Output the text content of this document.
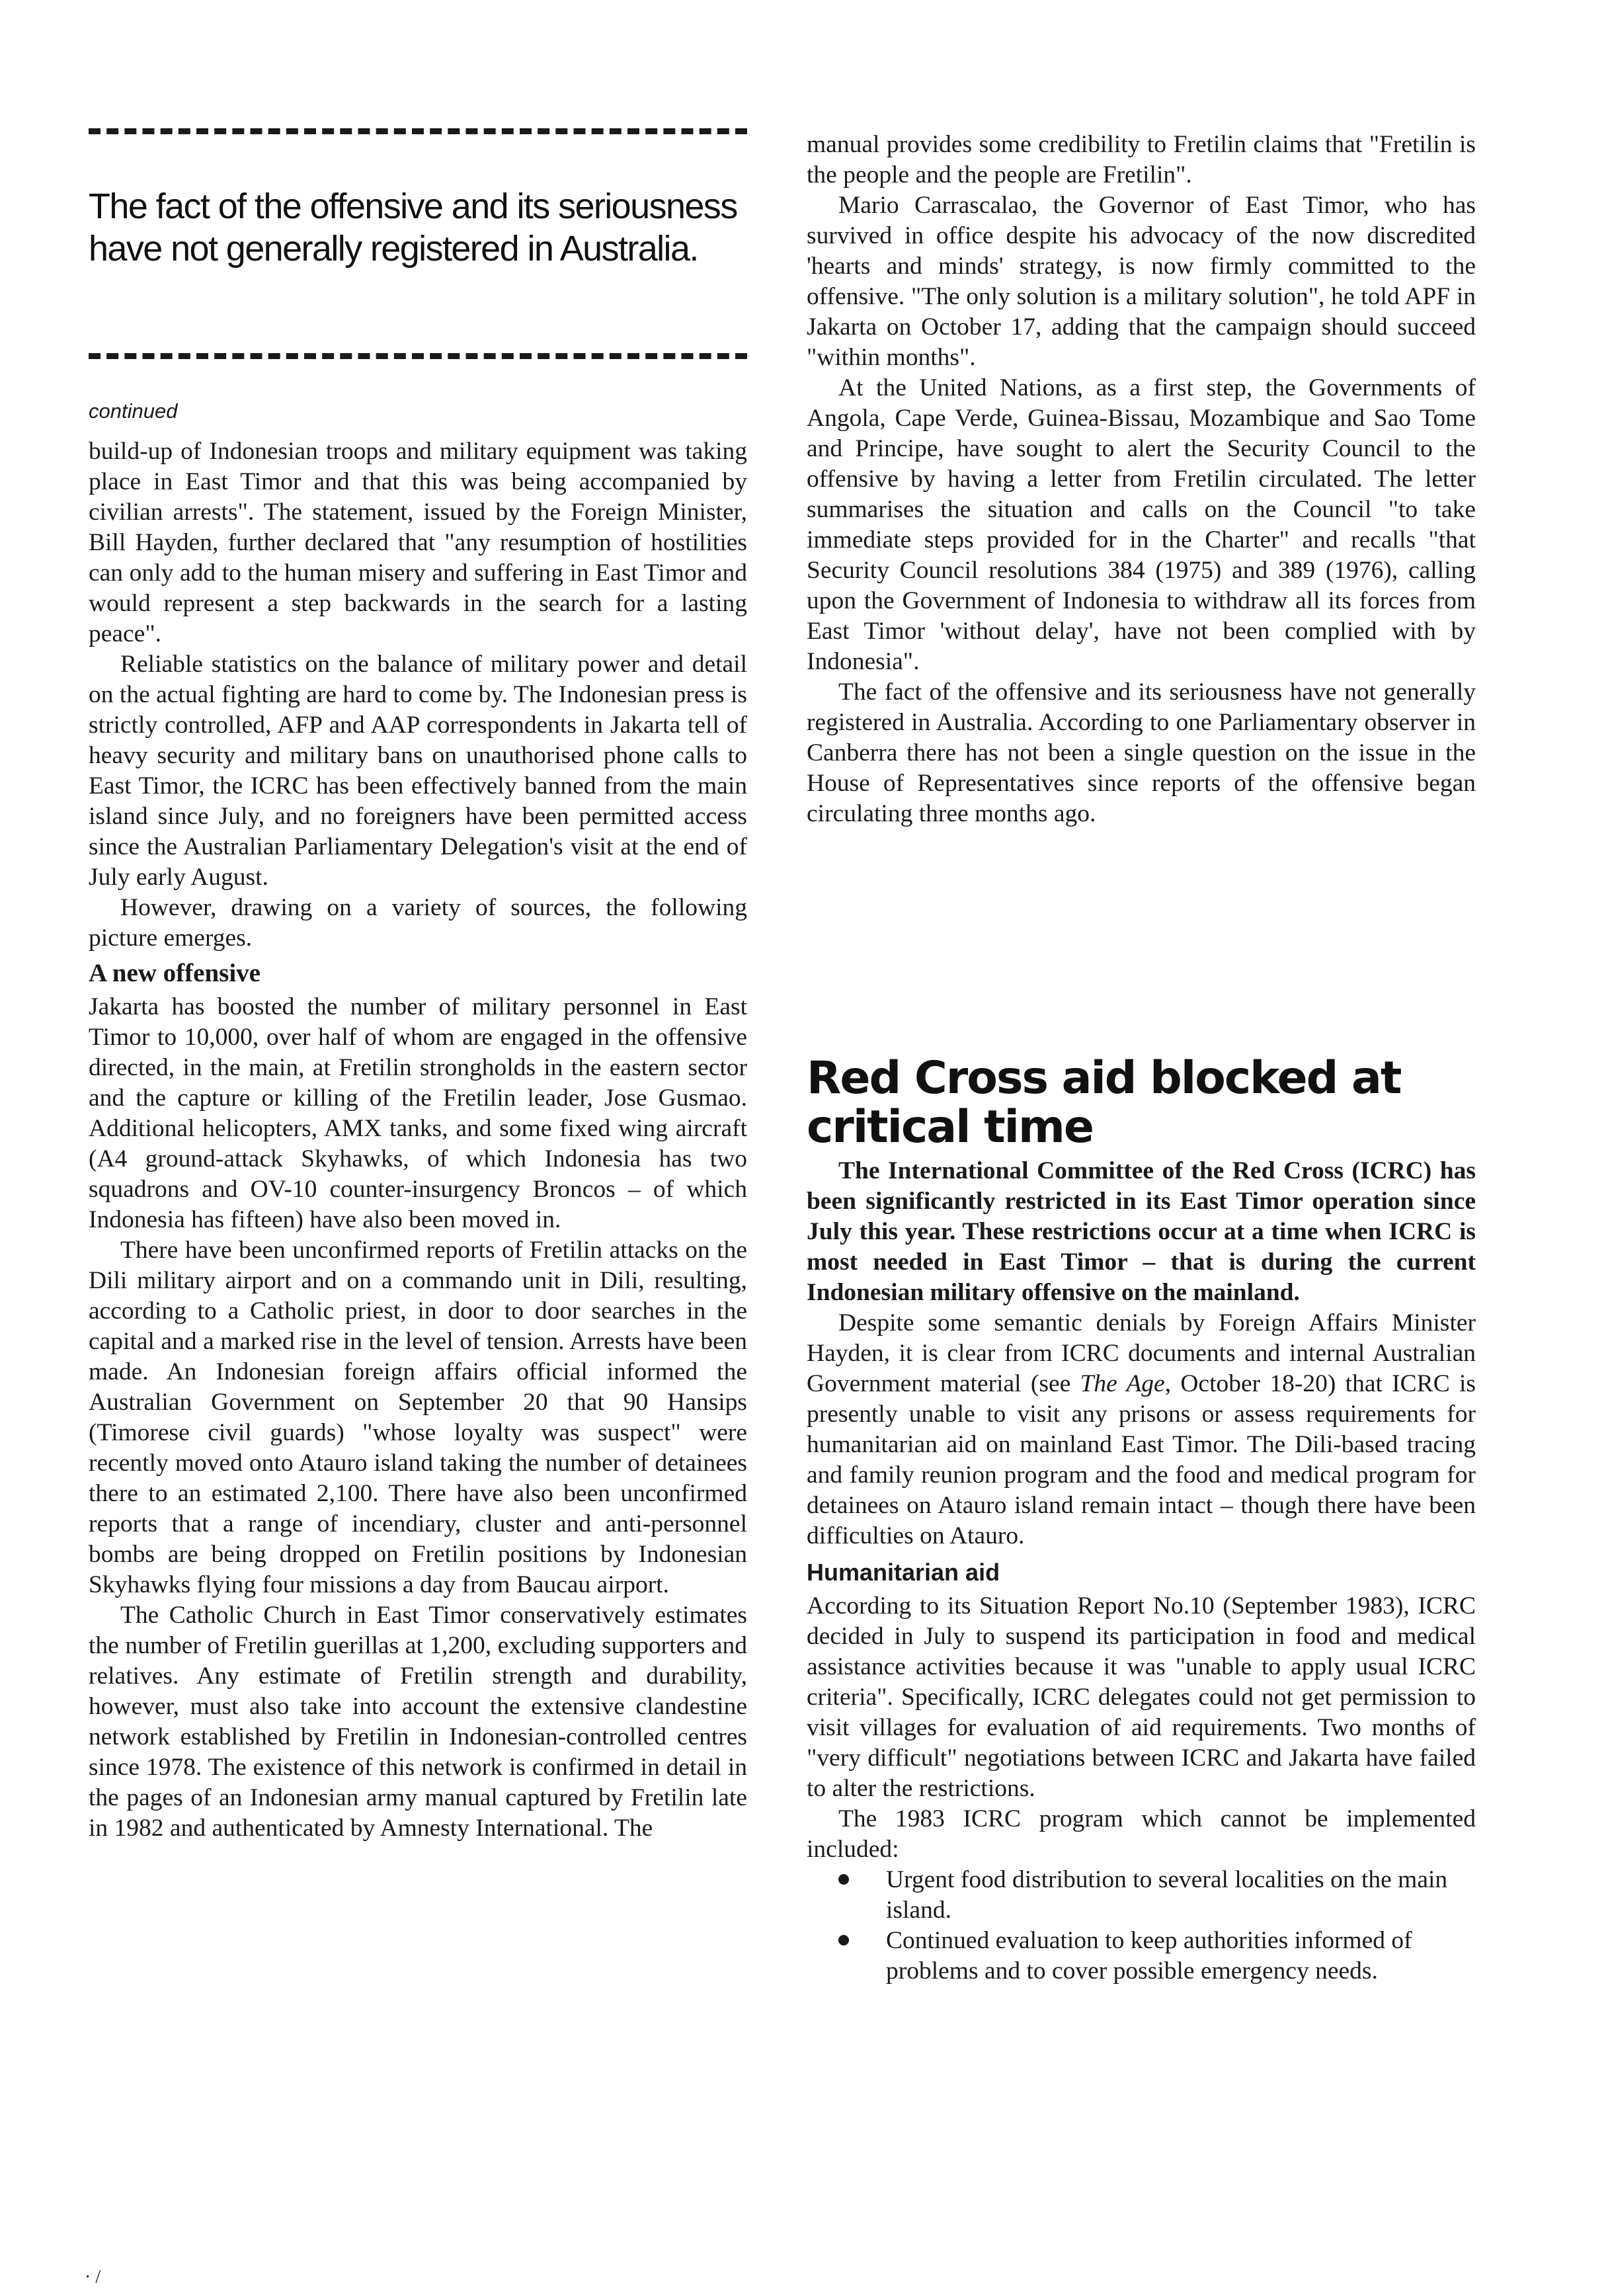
The fact of the offensive and its seriousness have not generally registered in Australia.

continued

build-up of Indonesian troops and military equipment was taking place in East Timor and that this was being accompanied by civilian arrests". The statement, issued by the Foreign Minister, Bill Hayden, further declared that "any resumption of hostilities can only add to the human misery and suffering in East Timor and would represent a step backwards in the search for a lasting peace".

Reliable statistics on the balance of military power and detail on the actual fighting are hard to come by. The Indonesian press is strictly controlled, AFP and AAP correspondents in Jakarta tell of heavy security and military bans on unauthorised phone calls to East Timor, the ICRC has been effectively banned from the main island since July, and no foreigners have been permitted access since the Australian Parliamentary Delegation's visit at the end of July early August.

However, drawing on a variety of sources, the following picture emerges.

A new offensive

Jakarta has boosted the number of military personnel in East Timor to 10,000, over half of whom are engaged in the offensive directed, in the main, at Fretilin strongholds in the eastern sector and the capture or killing of the Fretilin leader, Jose Gusmao. Additional helicopters, AMX tanks, and some fixed wing aircraft (A4 ground-attack Skyhawks, of which Indonesia has two squadrons and OV-10 counter-insurgency Broncos – of which Indonesia has fifteen) have also been moved in.

There have been unconfirmed reports of Fretilin attacks on the Dili military airport and on a commando unit in Dili, resulting, according to a Catholic priest, in door to door searches in the capital and a marked rise in the level of tension. Arrests have been made. An Indonesian foreign affairs official informed the Australian Government on September 20 that 90 Hansips (Timorese civil guards) "whose loyalty was suspect" were recently moved onto Atauro island taking the number of detainees there to an estimated 2,100. There have also been unconfirmed reports that a range of incendiary, cluster and anti-personnel bombs are being dropped on Fretilin positions by Indonesian Skyhawks flying four missions a day from Baucau airport.

The Catholic Church in East Timor conservatively estimates the number of Fretilin guerillas at 1,200, excluding supporters and relatives. Any estimate of Fretilin strength and durability, however, must also take into account the extensive clandestine network established by Fretilin in Indonesian-controlled centres since 1978. The existence of this network is confirmed in detail in the pages of an Indonesian army manual captured by Fretilin late in 1982 and authenticated by Amnesty International. The

manual provides some credibility to Fretilin claims that "Fretilin is the people and the people are Fretilin".

Mario Carrascalao, the Governor of East Timor, who has survived in office despite his advocacy of the now discredited 'hearts and minds' strategy, is now firmly committed to the offensive. "The only solution is a military solution", he told APF in Jakarta on October 17, adding that the campaign should succeed "within months".

At the United Nations, as a first step, the Governments of Angola, Cape Verde, Guinea-Bissau, Mozambique and Sao Tome and Principe, have sought to alert the Security Council to the offensive by having a letter from Fretilin circulated. The letter summarises the situation and calls on the Council "to take immediate steps provided for in the Charter" and recalls "that Security Council resolutions 384 (1975) and 389 (1976), calling upon the Government of Indonesia to withdraw all its forces from East Timor 'without delay', have not been complied with by Indonesia".

The fact of the offensive and its seriousness have not generally registered in Australia. According to one Parliamentary observer in Canberra there has not been a single question on the issue in the House of Representatives since reports of the offensive began circulating three months ago.

Red Cross aid blocked at critical time

The International Committee of the Red Cross (ICRC) has been significantly restricted in its East Timor operation since July this year. These restrictions occur at a time when ICRC is most needed in East Timor – that is during the current Indonesian military offensive on the mainland.

Despite some semantic denials by Foreign Affairs Minister Hayden, it is clear from ICRC documents and internal Australian Government material (see The Age, October 18-20) that ICRC is presently unable to visit any prisons or assess requirements for humanitarian aid on mainland East Timor. The Dili-based tracing and family reunion program and the food and medical program for detainees on Atauro island remain intact – though there have been difficulties on Atauro.

Humanitarian aid

According to its Situation Report No.10 (September 1983), ICRC decided in July to suspend its participation in food and medical assistance activities because it was "unable to apply usual ICRC criteria". Specifically, ICRC delegates could not get permission to visit villages for evaluation of aid requirements. Two months of "very difficult" negotiations between ICRC and Jakarta have failed to alter the restrictions.

The 1983 ICRC program which cannot be implemented included:

Urgent food distribution to several localities on the main island.
Continued evaluation to keep authorities informed of problems and to cover possible emergency needs.
· /
